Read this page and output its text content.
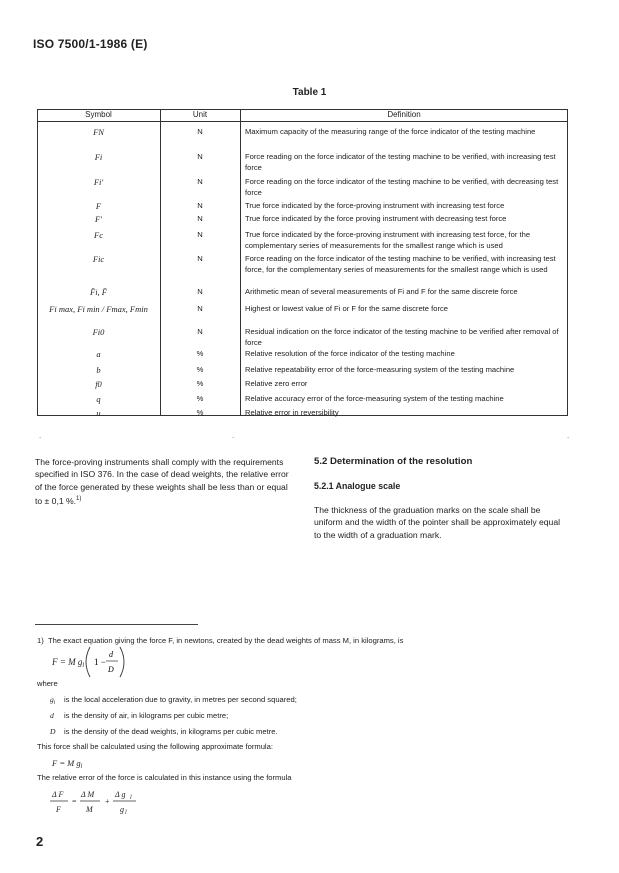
ISO 7500/1-1986 (E)
Table 1
Symbol	Unit	Definition
FN	N	Maximum capacity of the measuring range of the force indicator of the testing machine
Fi	N	Force reading on the force indicator of the testing machine to be verified, with increasing test force
Fi'	N	Force reading on the force indicator of the testing machine to be verified, with decreasing test force
F	N	True force indicated by the force-proving instrument with increasing test force
F'	N	True force indicated by the force proving instrument with decreasing test force
Fc	N	True force indicated by the force-proving instrument with increasing test force, for the complementary series of measurements for the smallest range which is used
Fic	N	Force reading on the force indicator of the testing machine to be verified, with increasing test force, for the complementary series of measurements for the smallest range which is used
F̄i, F̄	N	Arithmetic mean of several measurements of Fi and F for the same discrete force
Fi max, Fi min / Fmax, Fmin	N	Highest or lowest value of Fi or F for the same discrete force
Fi0	N	Residual indication on the force indicator of the testing machine to be verified after removal of force
a	%	Relative resolution of the force indicator of the testing machine
b	%	Relative repeatability error of the force-measuring system of the testing machine
f0	%	Relative zero error
q	%	Relative accuracy error of the force-measuring system of the testing machine
u	%	Relative error in reversibility
.	.	.
The force-proving instruments shall comply with the requirements specified in ISO 376. In the case of dead weights, the relative error of the force generated by these weights shall be less than or equal to ± 0,1 %.$^{1)}$
5.2 Determination of the resolution
5.2.1 Analogue scale
The thickness of the graduation marks on the scale shall be uniform and the width of the pointer shall be approximately equal to the width of a graduation mark.
1) The exact equation giving the force F, in newtons, created by the dead weights of mass M, in kilograms, is
F = M $g_l$ 1 −
d
D
where
$g_l$ is the local acceleration due to gravity, in metres per second squared;
d is the density of air, in kilograms per cubic metre;
D is the density of the dead weights, in kilograms per cubic metre.
This force shall be calculated using the following approximate formula:
F = M $g_l$
The relative error of the force is calculated in this instance using the formula
Δ F
F
=
Δ M
M
+
Δ g l
g l
2
